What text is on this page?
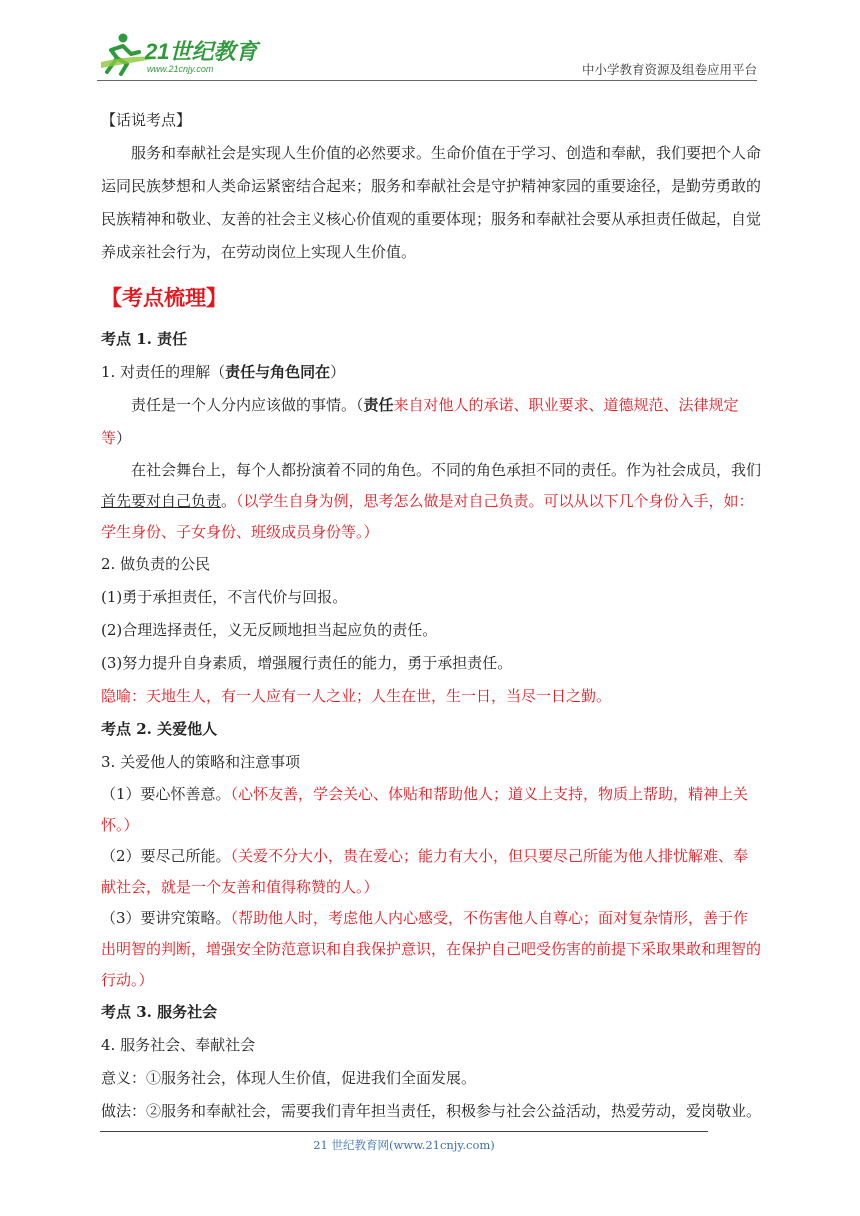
21世纪教育
www.21cnjy.com	中小学教育资源及组卷应用平台

【话说考点】

服务和奉献社会是实现人生价值的必然要求。生命价值在于学习、创造和奉献，我们要把个人命运同民族梦想和人类命运紧密结合起来；服务和奉献社会是守护精神家园的重要途径，是勤劳勇敢的民族精神和敬业、友善的社会主义核心价值观的重要体现；服务和奉献社会要从承担责任做起，自觉养成亲社会行为，在劳动岗位上实现人生价值。

【考点梳理】

考点 1. 责任

1. 对责任的理解（责任与角色同在）

责任是一个人分内应该做的事情。（责任来自对他人的承诺、职业要求、道德规范、法律规定等）

在社会舞台上，每个人都扮演着不同的角色。不同的角色承担不同的责任。作为社会成员，我们首先要对自己负责。（以学生自身为例，思考怎么做是对自己负责。可以从以下几个身份入手，如：学生身份、子女身份、班级成员身份等。）

2. 做负责的公民

(1)勇于承担责任，不言代价与回报。

(2)合理选择责任，义无反顾地担当起应负的责任。

(3)努力提升自身素质，增强履行责任的能力，勇于承担责任。

隐喻：天地生人，有一人应有一人之业；人生在世，生一日，当尽一日之勤。

考点 2. 关爱他人

3. 关爱他人的策略和注意事项

（1）要心怀善意。（心怀友善，学会关心、体贴和帮助他人；道义上支持，物质上帮助，精神上关怀。）

（2）要尽己所能。（关爱不分大小，贵在爱心；能力有大小，但只要尽己所能为他人排忧解难、奉献社会，就是一个友善和值得称赞的人。）

（3）要讲究策略。（帮助他人时，考虑他人内心感受，不伤害他人自尊心；面对复杂情形，善于作出明智的判断，增强安全防范意识和自我保护意识，在保护自己吧受伤害的前提下采取果敢和理智的行动。）

考点 3. 服务社会

4. 服务社会、奉献社会

意义：①服务社会，体现人生价值，促进我们全面发展。

做法：②服务和奉献社会，需要我们青年担当责任，积极参与社会公益活动，热爱劳动，爱岗敬业。

21 世纪教育网(www.21cnjy.com)
